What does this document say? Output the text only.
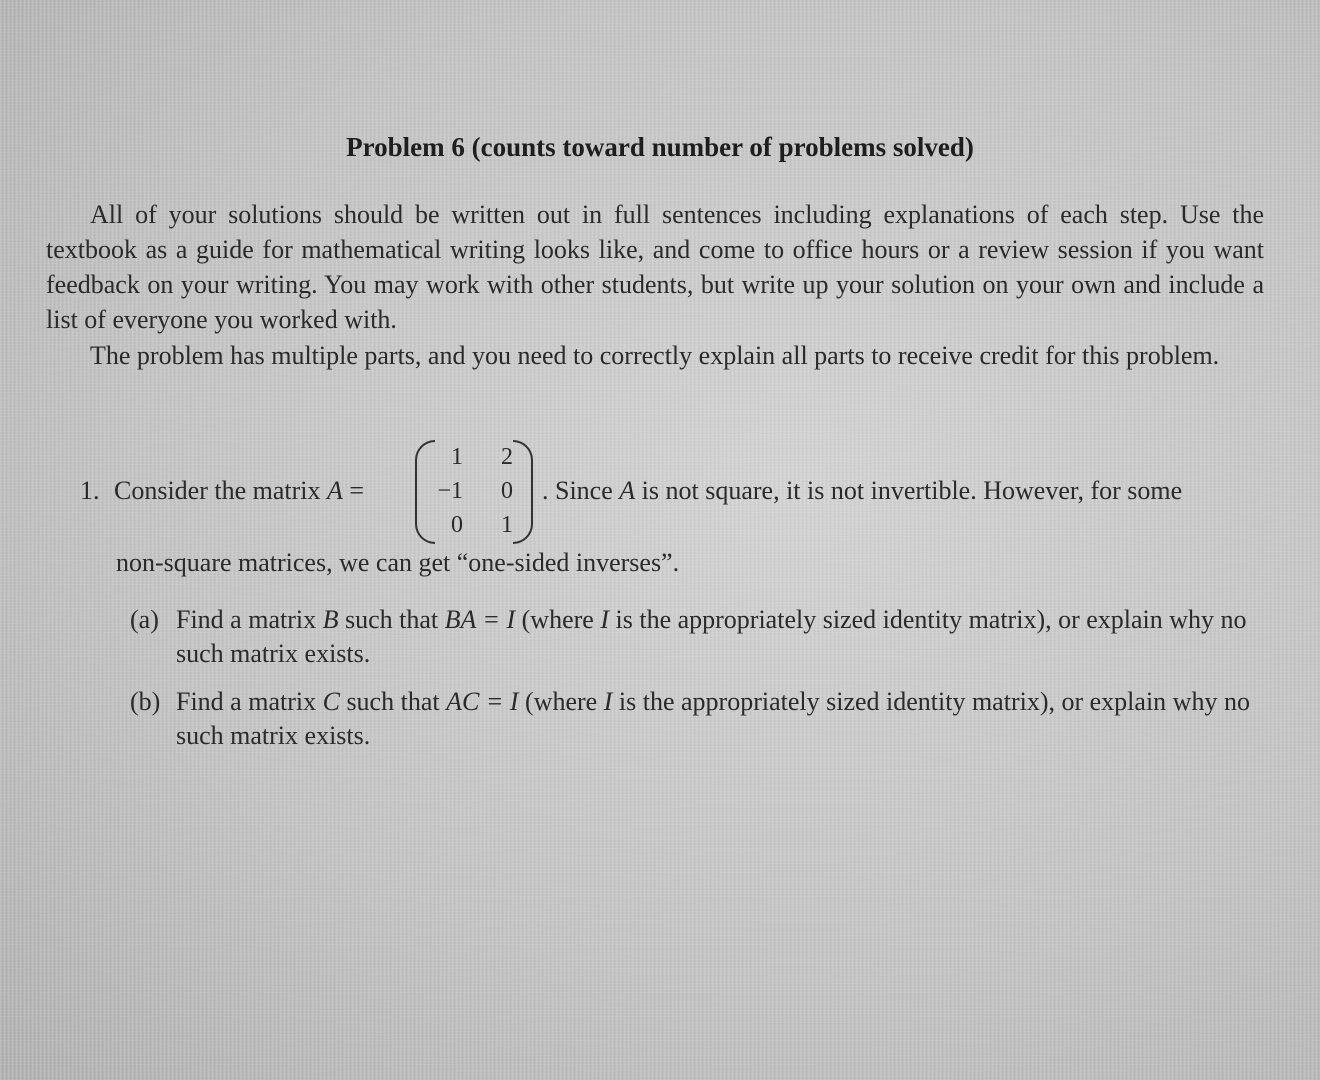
Problem 6 (counts toward number of problems solved)
All of your solutions should be written out in full sentences including explanations of each step. Use the textbook as a guide for mathematical writing looks like, and come to office hours or a review session if you want feedback on your writing. You may work with other students, but write up your solution on your own and include a list of everyone you worked with.
The problem has multiple parts, and you need to correctly explain all parts to receive credit for this problem.
1. Consider the matrix A =
1	2
−1	0
0	1
. Since A is not square, it is not invertible. However, for some
non-square matrices, we can get “one-sided inverses”.
(a) Find a matrix B such that BA = I (where I is the appropriately sized identity matrix), or explain why no such matrix exists.
(b) Find a matrix C such that AC = I (where I is the appropriately sized identity matrix), or explain why no such matrix exists.
